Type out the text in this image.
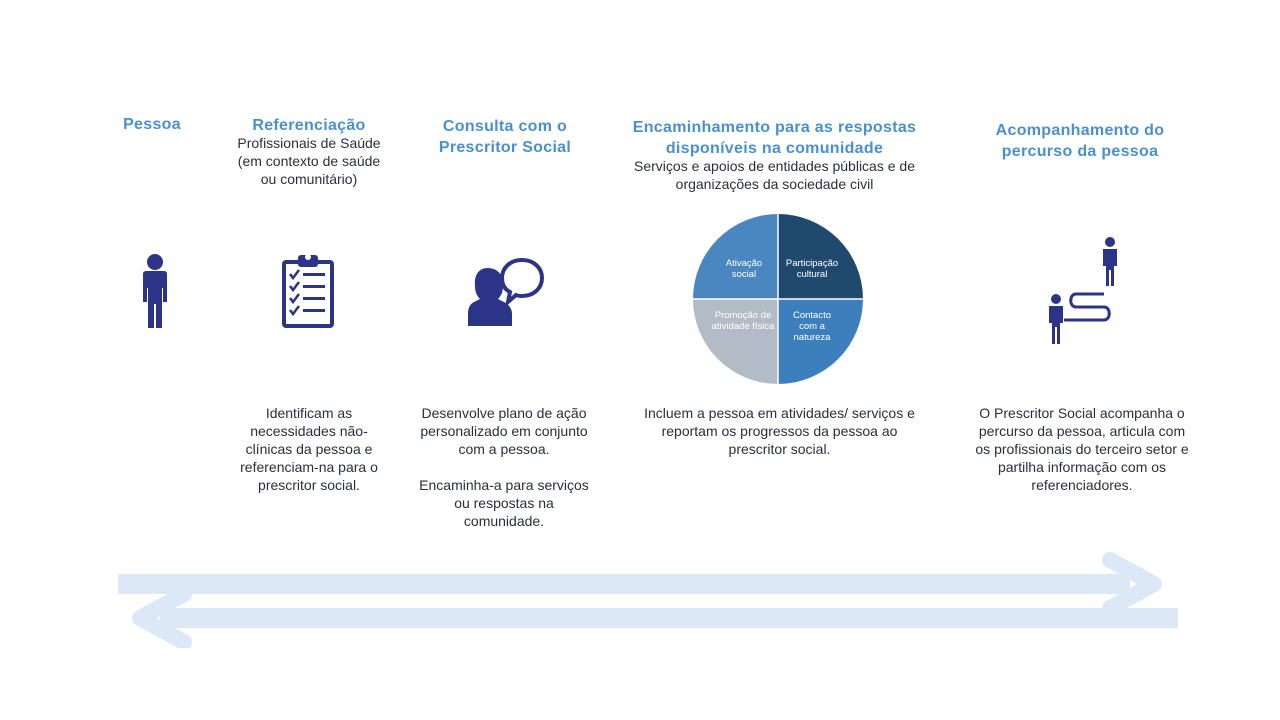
Pessoa	Referenciação
Profissionais de Saúde (em contexto de saúde ou comunitário)
Identificam as necessidades não-clínicas da pessoa e referenciam-na para o prescritor social.
Consulta com o Prescritor Social
Desenvolve plano de ação personalizado em conjunto com a pessoa.
Encaminha-a para serviços ou respostas na comunidade.
Encaminhamento para as respostas disponíveis na comunidade
Serviços e apoios de entidades públicas e de organizações da sociedade civil
Ativação social
Participação cultural
Promoção de atividade física
Contacto com a natureza
Incluem a pessoa em atividades/ serviços e reportam os progressos da pessoa ao prescritor social.
Acompanhamento do percurso da pessoa
O Prescritor Social acompanha o percurso da pessoa, articula com os profissionais do terceiro setor e partilha informação com os referenciadores.
